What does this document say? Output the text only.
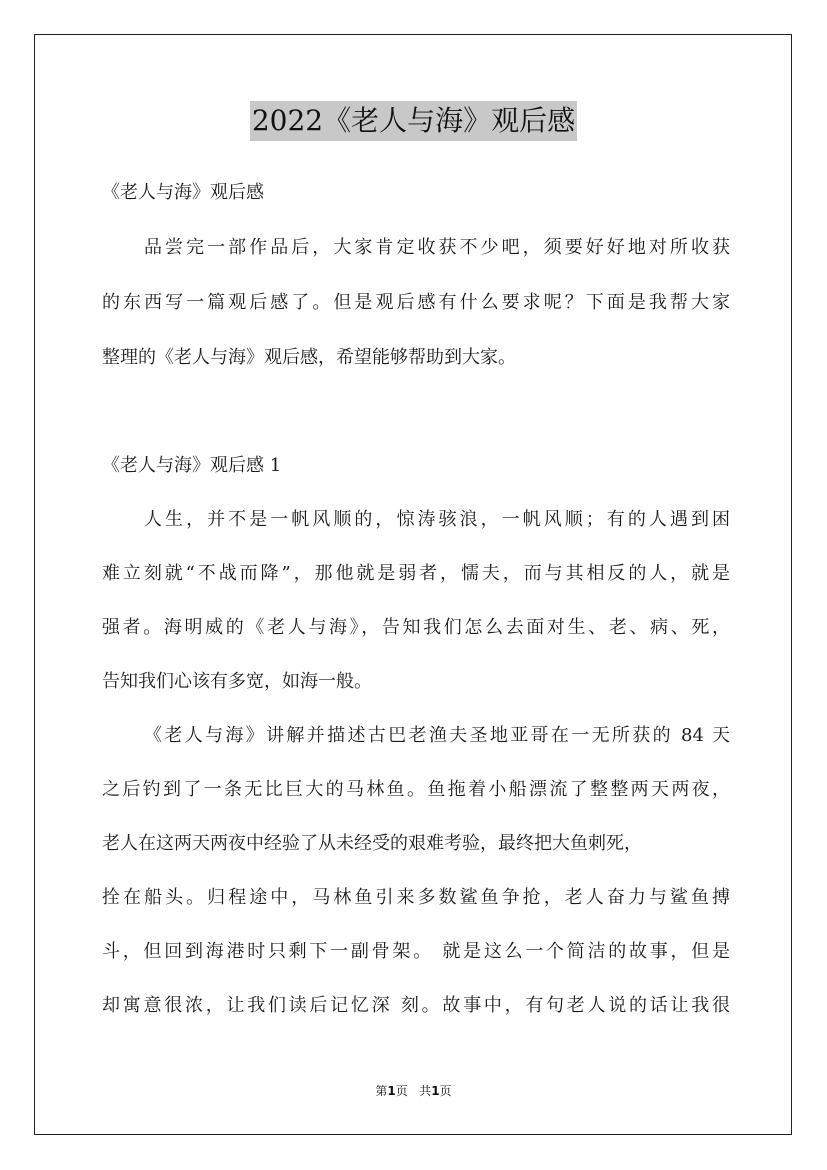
2022《老人与海》观后感
《老人与海》观后感
品尝完一部作品后，大家肯定收获不少吧，须要好好地对所收获
的东西写一篇观后感了。但是观后感有什么要求呢？下面是我帮大家
整理的《老人与海》观后感，希望能够帮助到大家。
《老人与海》观后感 1
人生，并不是一帆风顺的，惊涛骇浪，一帆风顺；有的人遇到困
难立刻就“不战而降”，那他就是弱者，懦夫，而与其相反的人，就是
强者。海明威的《老人与海》，告知我们怎么去面对生、老、病、死，
告知我们心该有多宽，如海一般。
《老人与海》讲解并描述古巴老渔夫圣地亚哥在一无所获的 84 天
之后钓到了一条无比巨大的马林鱼。鱼拖着小船漂流了整整两天两夜，
老人在这两天两夜中经验了从未经受的艰难考验，最终把大鱼刺死，
拴在船头。归程途中，马林鱼引来多数鲨鱼争抢，老人奋力与鲨鱼搏
斗，但回到海港时只剩下一副骨架。 就是这么一个简洁的故事，但是
却寓意很浓，让我们读后记忆深 刻。故事中，有句老人说的话让我很
第1页 共1页
